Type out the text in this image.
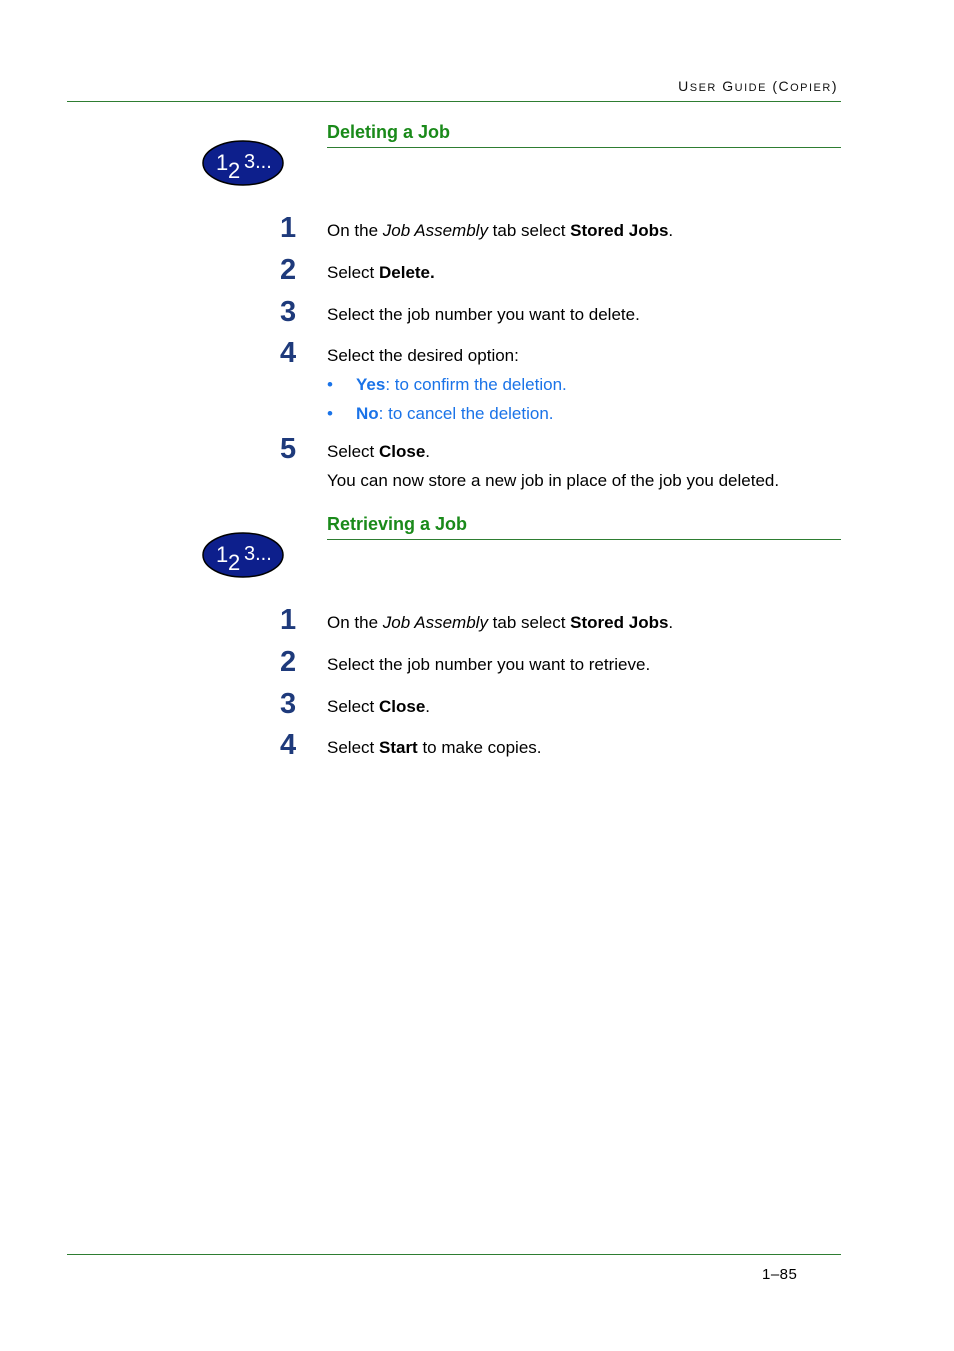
USER GUIDE (COPIER)
Deleting a Job
1 2 3...
1	On the Job Assembly tab select Stored Jobs.
2	Select Delete.
3	Select the job number you want to delete.
4	Select the desired option:
• Yes: to confirm the deletion.
• No: to cancel the deletion.
5	Select Close.
You can now store a new job in place of the job you deleted.
Retrieving a Job
1 2 3...
1	On the Job Assembly tab select Stored Jobs.
2	Select the job number you want to retrieve.
3	Select Close.
4	Select Start to make copies.
1–85
